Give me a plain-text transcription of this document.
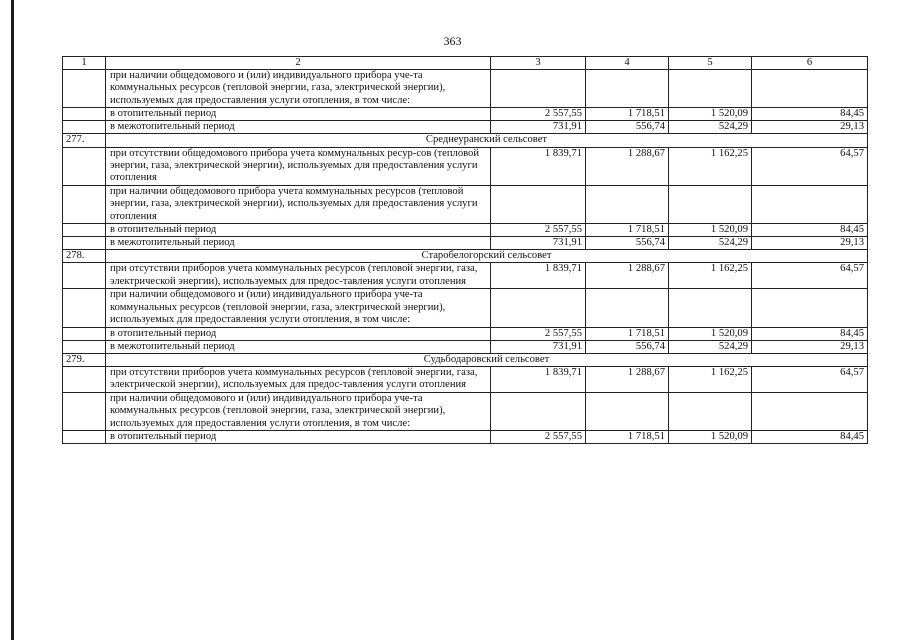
363
1	2	3	4	5	6
	при наличии общедомового и (или) индивидуального прибора уче-та коммунальных ресурсов (тепловой энергии, газа, электрической энергии), используемых для предоставления услуги отопления, в том числе:				
	в отопительный период	2 557,55	1 718,51	1 520,09	84,45
	в межотопительный период	731,91	556,74	524,29	29,13
277.	Среднеуранский сельсовет				
	при отсутствии общедомового прибора учета коммунальных ресур-сов (тепловой энергии, газа, электрической энергии), используемых для предоставления услуги отопления	1 839,71	1 288,67	1 162,25	64,57
	при наличии общедомового прибора учета коммунальных ресурсов (тепловой энергии, газа, электрической энергии), используемых для предоставления услуги отопления				
	в отопительный период	2 557,55	1 718,51	1 520,09	84,45
	в межотопительный период	731,91	556,74	524,29	29,13
278.	Старобелогорский сельсовет				
	при отсутствии приборов учета коммунальных ресурсов (тепловой энергии, газа, электрической энергии), используемых для предос-тавления услуги отопления	1 839,71	1 288,67	1 162,25	64,57
	при наличии общедомового и (или) индивидуального прибора уче-та коммунальных ресурсов (тепловой энергии, газа, электрической энергии), используемых для предоставления услуги отопления, в том числе:				
	в отопительный период	2 557,55	1 718,51	1 520,09	84,45
	в межотопительный период	731,91	556,74	524,29	29,13
279.	Судьбодаровский сельсовет				
	при отсутствии приборов учета коммунальных ресурсов (тепловой энергии, газа, электрической энергии), используемых для предос-тавления услуги отопления	1 839,71	1 288,67	1 162,25	64,57
	при наличии общедомового и (или) индивидуального прибора уче-та коммунальных ресурсов (тепловой энергии, газа, электрической энергии), используемых для предоставления услуги отопления, в том числе:				
	в отопительный период	2 557,55	1 718,51	1 520,09	84,45
